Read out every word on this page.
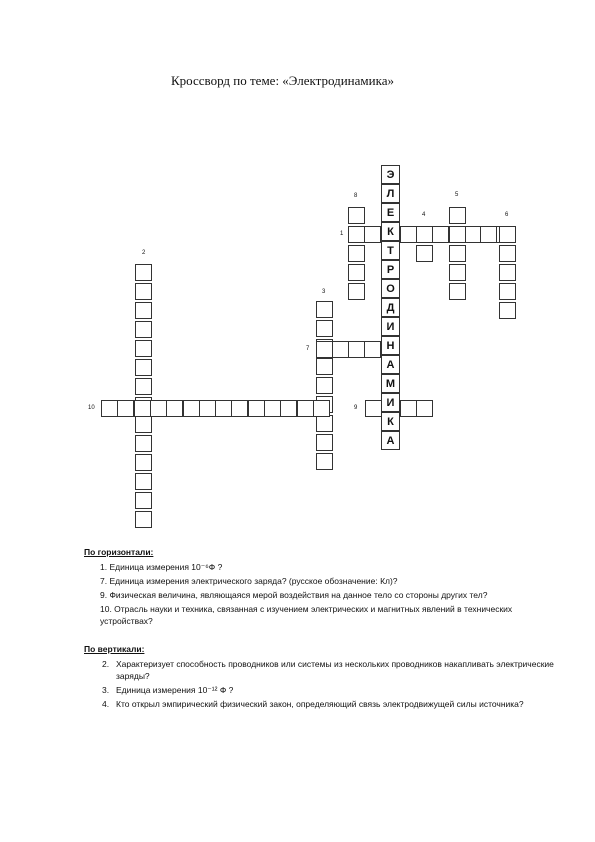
Кроссворд по теме: «Электродинамика»
Э
Л
Е
К
Т
Р
О
Д
И
Н
А
М
И
К
А
1
2
3
4
5
6
7
8
9
10
По горизонтали:
1. Единица измерения 10⁻⁶Ф ?
7. Единица измерения электрического заряда? (русское обозначение: Кл)?
9. Физическая величина, являющаяся мерой воздействия на данное тело со стороны других тел?
10. Отрасль науки и техника, связанная с изучением электрических и магнитных явлений в технических устройствах?
По вертикали:
2. Характеризует способность проводников или системы из нескольких проводников накапливать электрические заряды?
3. Единица измерения 10⁻¹² Ф ?
4. Кто открыл эмпирический физический закон, определяющий связь электродвижущей силы источника?
